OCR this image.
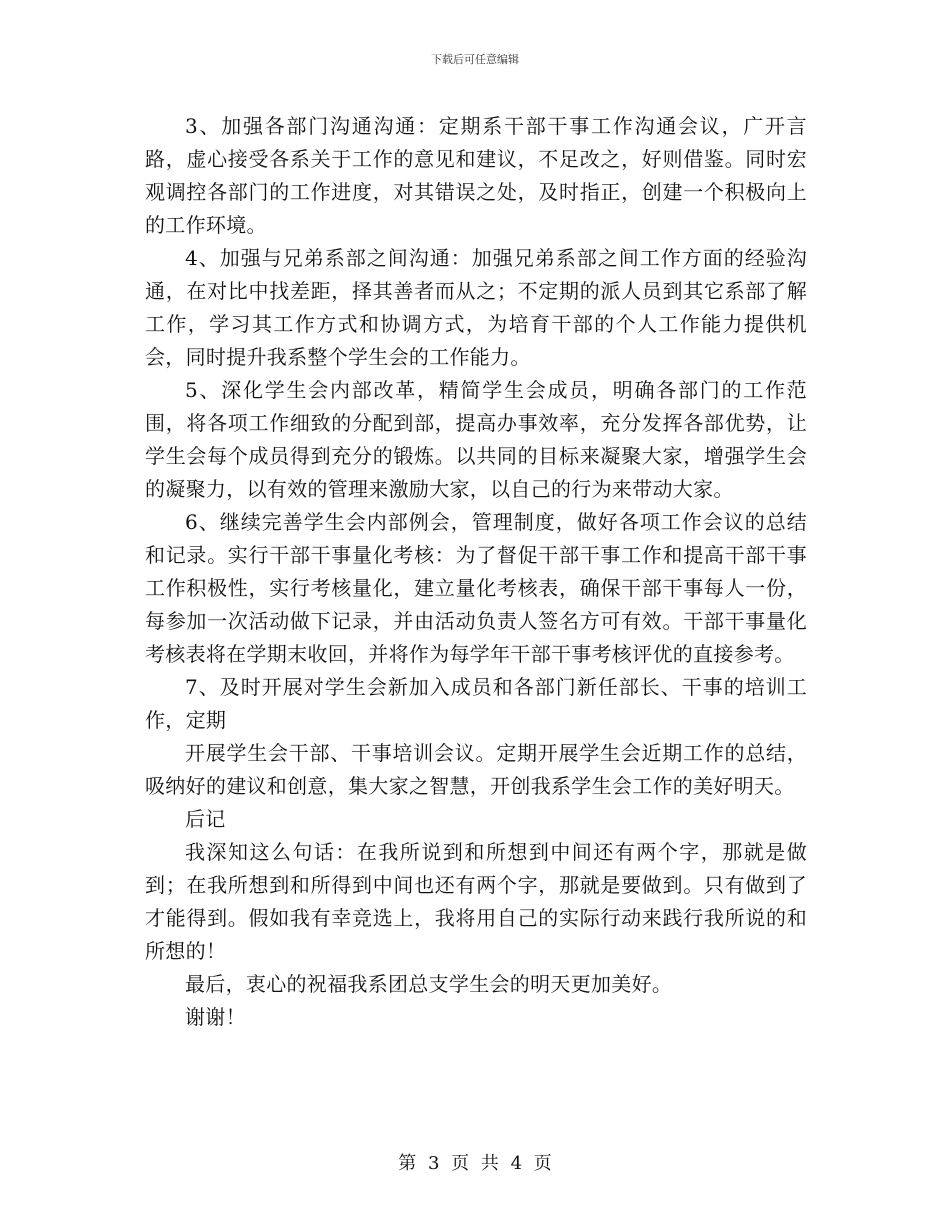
下载后可任意编辑

3、加强各部门沟通沟通：定期系干部干事工作沟通会议，广开言路，虚心接受各系关于工作的意见和建议，不足改之，好则借鉴。同时宏观调控各部门的工作进度，对其错误之处，及时指正，创建一个积极向上的工作环境。

4、加强与兄弟系部之间沟通：加强兄弟系部之间工作方面的经验沟通，在对比中找差距，择其善者而从之；不定期的派人员到其它系部了解工作，学习其工作方式和协调方式，为培育干部的个人工作能力提供机会，同时提升我系整个学生会的工作能力。

5、深化学生会内部改革，精简学生会成员，明确各部门的工作范围，将各项工作细致的分配到部，提高办事效率，充分发挥各部优势，让学生会每个成员得到充分的锻炼。以共同的目标来凝聚大家，增强学生会的凝聚力，以有效的管理来激励大家，以自己的行为来带动大家。

6、继续完善学生会内部例会，管理制度，做好各项工作会议的总结和记录。实行干部干事量化考核：为了督促干部干事工作和提高干部干事工作积极性，实行考核量化，建立量化考核表，确保干部干事每人一份，每参加一次活动做下记录，并由活动负责人签名方可有效。干部干事量化考核表将在学期末收回，并将作为每学年干部干事考核评优的直接参考。

7、及时开展对学生会新加入成员和各部门新任部长、干事的培训工作，定期

开展学生会干部、干事培训会议。定期开展学生会近期工作的总结，吸纳好的建议和创意，集大家之智慧，开创我系学生会工作的美好明天。

后记

我深知这么句话：在我所说到和所想到中间还有两个字，那就是做到；在我所想到和所得到中间也还有两个字，那就是要做到。只有做到了才能得到。假如我有幸竞选上，我将用自己的实际行动来践行我所说的和所想的！

最后，衷心的祝福我系团总支学生会的明天更加美好。

谢谢！

第 3 页 共 4 页
